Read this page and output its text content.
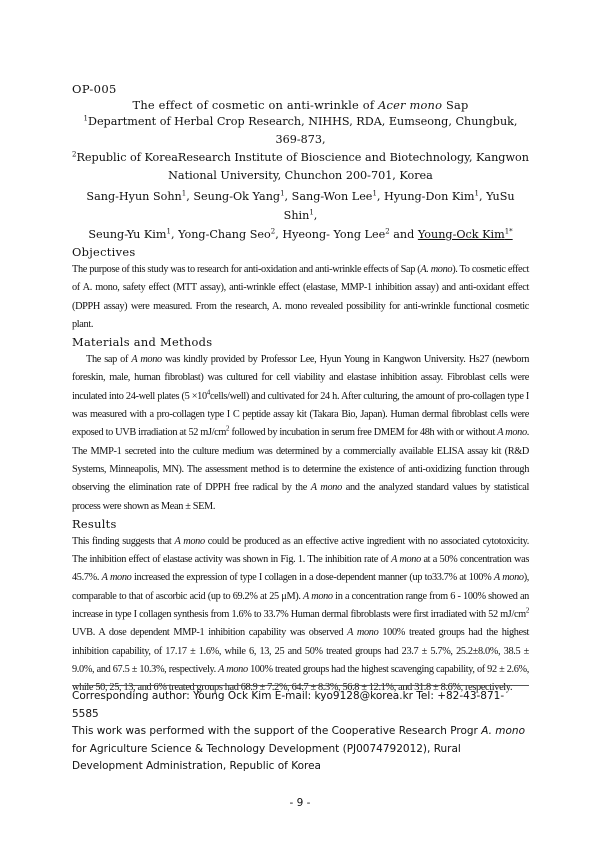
OP-005

The effect of cosmetic on anti-wrinkle of Acer mono Sap

$^1$Department of Herbal Crop Research, NIHHS, RDA, Eumseong, Chungbuk, 369-873,

$^2$Republic of KoreaResearch Institute of Bioscience and Biotechnology, Kangwon
National University, Chunchon 200-701, Korea

Sang-Hyun Sohn$^1$, Seung-Ok Yang$^1$, Sang-Won Lee$^1$, Hyung-Don Kim$^1$, YuSu Shin$^1$,
Seung-Yu Kim$^1$, Yong-Chang Seo$^2$, Hyeong- Yong Lee$^2$ and Young-Ock Kim$^{1*}$

Objectives

The purpose of this study was to research for anti-oxidation and anti-wrinkle effects of Sap (A. mono). To cosmetic effect of A. mono, safety effect (MTT assay), anti-wrinkle effect (elastase, MMP-1 inhibition assay) and anti-oxidant effect (DPPH assay) were measured. From the research, A. mono revealed possibility for anti-wrinkle functional cosmetic plant.

Materials and Methods

The sap of A mono was kindly provided by Professor Lee, Hyun Young in Kangwon University. Hs27 (newborn foreskin, male, human fibroblast) was cultured for cell viability and elastase inhibition assay. Fibroblast cells were inculated into 24-well plates $(5 \times 10^4cells/well)$ and cultivated for 24 h. After culturing, the amount of pro-collagen type I was measured with a pro-collagen type I C peptide assay kit (Takara Bio, Japan). Human dermal fibroblast cells were exposed to UVB irradiation at 52 $mJ/cm^2$ followed by incubation in serum free DMEM for 48h with or without A mono. The MMP-1 secreted into the culture medium was determined by a commercially available ELISA assay kit (R&D Systems, Minneapolis, MN). The assessment method is to determine the existence of anti-oxidizing function through observing the elimination rate of DPPH free radical by the A mono and the analyzed standard values by statistical process were shown as Mean ± SEM.

Results

This finding suggests that A mono could be produced as an effective active ingredient with no associated cytotoxicity. The inhibition effect of elastase activity was shown in Fig. 1. The inhibition rate of A mono at a 50% concentration was 45.7%. A mono increased the expression of type I collagen in a dose-dependent manner (up to33.7% at 100% A mono), comparable to that of ascorbic acid (up to 69.2% at 25 μM). A mono in a concentration range from 6 - 100% showed an increase in type I collagen synthesis from 1.6% to 33.7% Human dermal fibroblasts were first irradiated with 52 $mJ/cm^2$ UVB. A dose dependent MMP-1 inhibition capability was observed A mono 100% treated groups had the highest inhibition capability, of 17.17 ± 1.6%, while 6, 13, 25 and 50% treated groups had 23.7 ± 5.7%, 25.2±8.0%, 38.5 ± 9.0%, and 67.5 ± 10.3%, respectively. A mono 100% treated groups had the highest scavenging capability, of 92 ± 2.6%, while 50, 25, 13, and 6% treated groups had 68.9 ± 7.2%, 64.7 ± 8.3%, 56.8 ± 12.1%, and 31.8 ± 8.6%, respectively.

Corresponding author: Young Ock Kim E-mail: kyo9128@korea.kr Tel: +82-43-871-5585

This work was performed with the support of the Cooperative Research Progr A. mono for Agriculture Science & Technology Development (PJ0074792012), Rural Development Administration, Republic of Korea

- 9 -
